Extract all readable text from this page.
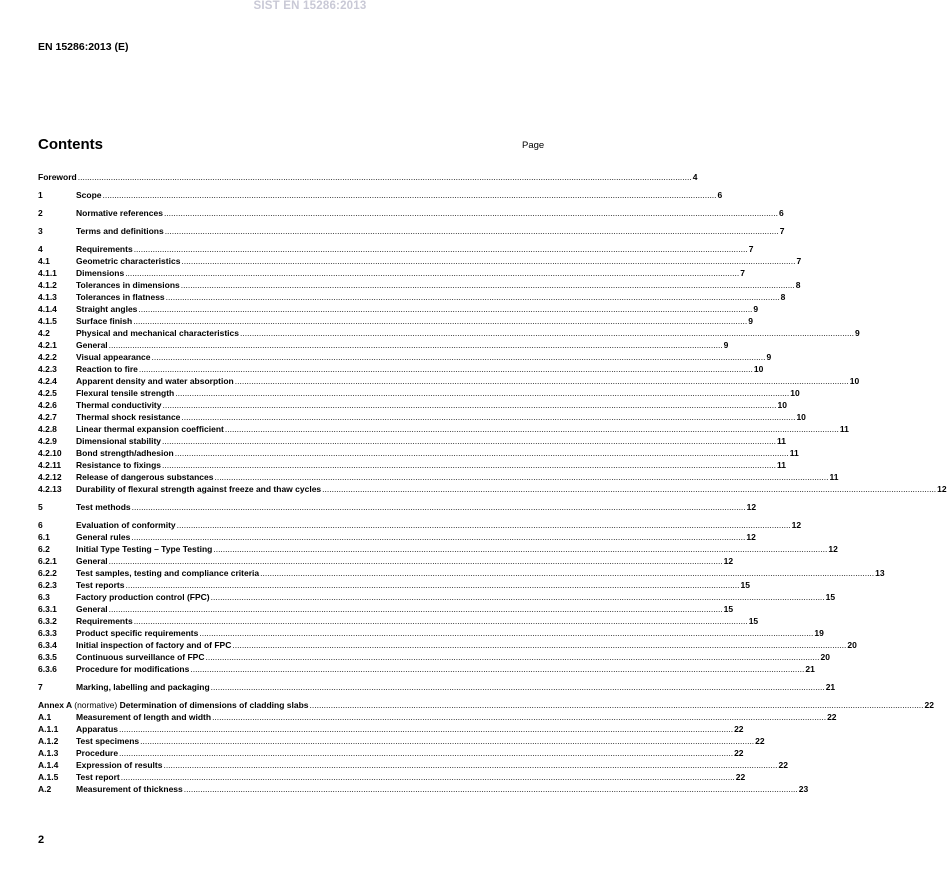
SIST EN 15286:2013
EN 15286:2013 (E)
Contents	Page
Foreword .................................................................................................................................................................................................................................................................... 4
1	Scope .................................................................................................................................................................................................................................................................... 6
2	Normative references .................................................................................................................................................................................................................................................................... 6
3	Terms and definitions .................................................................................................................................................................................................................................................................... 7
4	Requirements .................................................................................................................................................................................................................................................................... 7
4.1	Geometric characteristics .................................................................................................................................................................................................................................................................... 7
4.1.1	Dimensions .................................................................................................................................................................................................................................................................... 7
4.1.2	Tolerances in dimensions .................................................................................................................................................................................................................................................................... 8
4.1.3	Tolerances in flatness .................................................................................................................................................................................................................................................................... 8
4.1.4	Straight angles .................................................................................................................................................................................................................................................................... 9
4.1.5	Surface finish .................................................................................................................................................................................................................................................................... 9
4.2	Physical and mechanical characteristics .................................................................................................................................................................................................................................................................... 9
4.2.1	General .................................................................................................................................................................................................................................................................... 9
4.2.2	Visual appearance .................................................................................................................................................................................................................................................................... 9
4.2.3	Reaction to fire .................................................................................................................................................................................................................................................................... 10
4.2.4	Apparent density and water absorption .................................................................................................................................................................................................................................................................... 10
4.2.5	Flexural tensile strength .................................................................................................................................................................................................................................................................... 10
4.2.6	Thermal conductivity .................................................................................................................................................................................................................................................................... 10
4.2.7	Thermal shock resistance .................................................................................................................................................................................................................................................................... 10
4.2.8	Linear thermal expansion coefficient .................................................................................................................................................................................................................................................................... 11
4.2.9	Dimensional stability .................................................................................................................................................................................................................................................................... 11
4.2.10	Bond strength/adhesion .................................................................................................................................................................................................................................................................... 11
4.2.11	Resistance to fixings .................................................................................................................................................................................................................................................................... 11
4.2.12	Release of dangerous substances .................................................................................................................................................................................................................................................................... 11
4.2.13	Durability of flexural strength against freeze and thaw cycles .................................................................................................................................................................................................................................................................... 12
5	Test methods .................................................................................................................................................................................................................................................................... 12
6	Evaluation of conformity .................................................................................................................................................................................................................................................................... 12
6.1	General rules .................................................................................................................................................................................................................................................................... 12
6.2	Initial Type Testing – Type Testing .................................................................................................................................................................................................................................................................... 12
6.2.1	General .................................................................................................................................................................................................................................................................... 12
6.2.2	Test samples, testing and compliance criteria .................................................................................................................................................................................................................................................................... 13
6.2.3	Test reports .................................................................................................................................................................................................................................................................... 15
6.3	Factory production control (FPC) .................................................................................................................................................................................................................................................................... 15
6.3.1	General .................................................................................................................................................................................................................................................................... 15
6.3.2	Requirements .................................................................................................................................................................................................................................................................... 15
6.3.3	Product specific requirements .................................................................................................................................................................................................................................................................... 19
6.3.4	Initial inspection of factory and of FPC .................................................................................................................................................................................................................................................................... 20
6.3.5	Continuous surveillance of FPC .................................................................................................................................................................................................................................................................... 20
6.3.6	Procedure for modifications .................................................................................................................................................................................................................................................................... 21
7	Marking, labelling and packaging .................................................................................................................................................................................................................................................................... 21
Annex A (normative) Determination of dimensions of cladding slabs .................................................................................................................................................................................................................................................................... 22
A.1	Measurement of length and width .................................................................................................................................................................................................................................................................... 22
A.1.1	Apparatus .................................................................................................................................................................................................................................................................... 22
A.1.2	Test specimens .................................................................................................................................................................................................................................................................... 22
A.1.3	Procedure .................................................................................................................................................................................................................................................................... 22
A.1.4	Expression of results .................................................................................................................................................................................................................................................................... 22
A.1.5	Test report .................................................................................................................................................................................................................................................................... 22
A.2	Measurement of thickness .................................................................................................................................................................................................................................................................... 23
2
